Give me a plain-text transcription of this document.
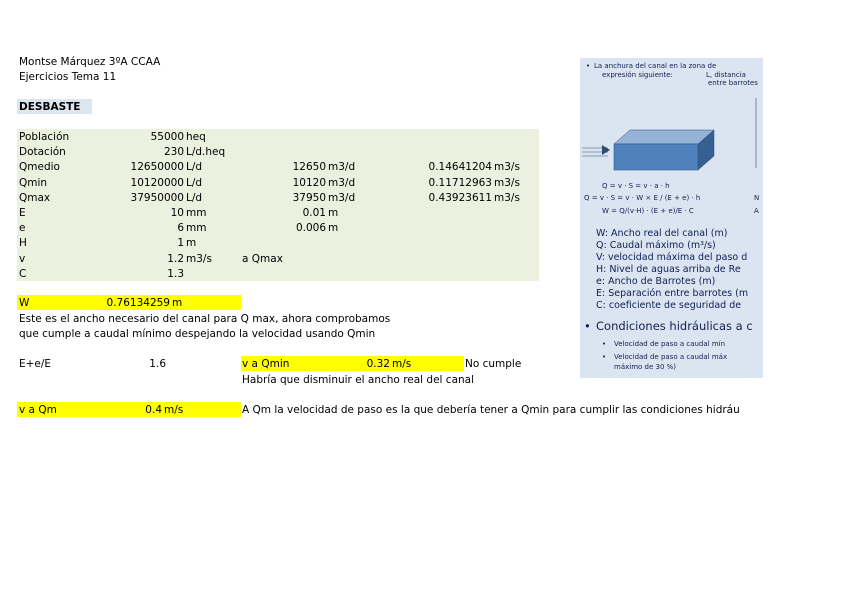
Montse Márquez 3ºA CCAA
Ejercicios Tema 11
DESBASTE
Población	55000 heq
Dotación	230 L/d.heq
Qmedio	12650000 L/d	12650 m3/d	0.14641204 m3/s
Qmin	10120000 L/d	10120 m3/d	0.11712963 m3/s
Qmax	37950000 L/d	37950 m3/d	0.43923611 m3/s
E	10 mm	0.01 m
e	6 mm	0.006 m
H	1 m
v	1.2 m3/s	a Qmax
C	1.3
W	0.76134259 m
Este es el ancho necesario del canal para Q max, ahora comprobamos
que cumple a caudal mínimo despejando la velocidad usando Qmin
E+e/E	1.6	v a Qmin	0.32 m/s	No cumple
Habría que disminuir el ancho real del canal
v a Qm	0.4 m/s	A Qm la velocidad de paso es la que debería tener a Qmin para cumplir las condiciones hidráu
• La anchura del canal en la zona de
expresión siguiente:	L, distancia
entre barrotes
Q = v · S = v · a · h
Q = v · S = v · W × E / (E + e) · h
W = Q/(v·H) · (E + e)/E · C
N
A
W: Ancho real del canal (m)
Q: Caudal máximo (m³/s)
V: velocidad máxima del paso d
H: Nivel de aguas arriba de Re
e: Ancho de Barrotes (m)
E: Separación entre barrotes (m
C: coeficiente de seguridad de
• Condiciones hidráulicas a c
• Velocidad de paso a caudal mín
• Velocidad de paso a caudal máx
máximo de 30 %)
